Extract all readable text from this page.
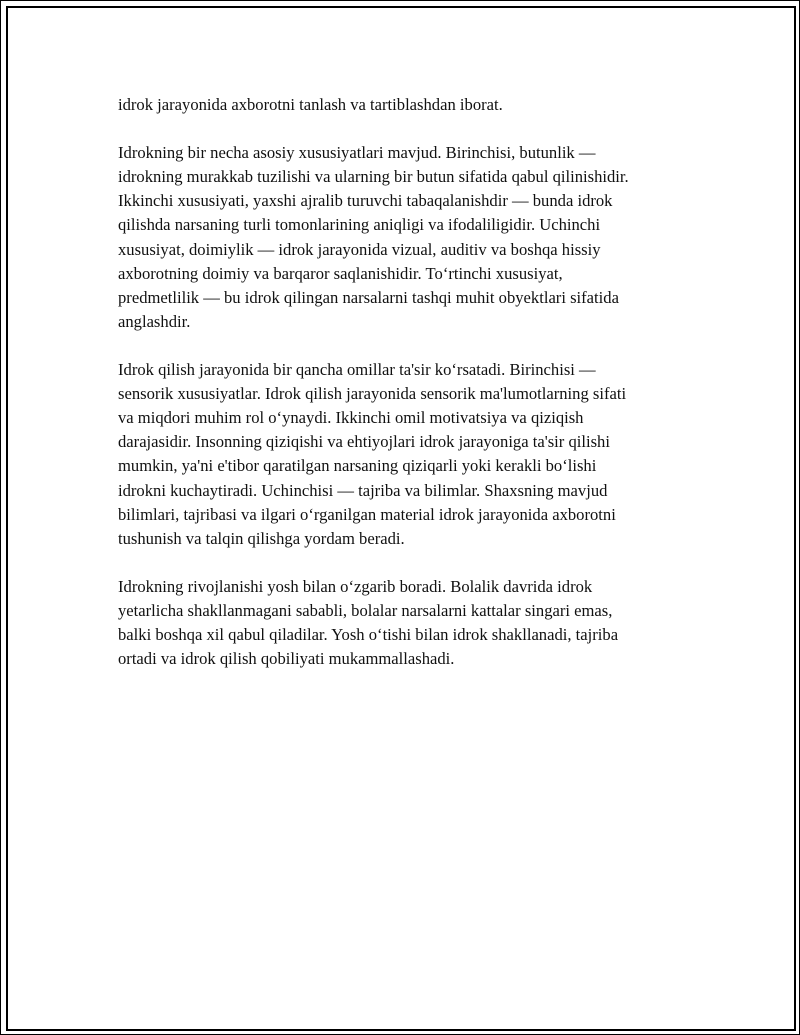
idrok jarayonida axborotni tanlash va tartiblashdan iborat.

Idrokning bir necha asosiy xususiyatlari mavjud. Birinchisi, butunlik —
idrokning murakkab tuzilishi va ularning bir butun sifatida qabul qilinishidir.
Ikkinchi xususiyati, yaxshi ajralib turuvchi tabaqalanishdir — bunda idrok
qilishda narsaning turli tomonlarining aniqligi va ifodaliligidir. Uchinchi
xususiyat, doimiylik — idrok jarayonida vizual, auditiv va boshqa hissiy
axborotning doimiy va barqaror saqlanishidir. To‘rtinchi xususiyat,
predmetlilik — bu idrok qilingan narsalarni tashqi muhit obyektlari sifatida
anglashdir.

Idrok qilish jarayonida bir qancha omillar ta'sir ko‘rsatadi. Birinchisi —
sensorik xususiyatlar. Idrok qilish jarayonida sensorik ma'lumotlarning sifati
va miqdori muhim rol o‘ynaydi. Ikkinchi omil motivatsiya va qiziqish
darajasidir. Insonning qiziqishi va ehtiyojlari idrok jarayoniga ta'sir qilishi
mumkin, ya'ni e'tibor qaratilgan narsaning qiziqarli yoki kerakli bo‘lishi
idrokni kuchaytiradi. Uchinchisi — tajriba va bilimlar. Shaxsning mavjud
bilimlari, tajribasi va ilgari o‘rganilgan material idrok jarayonida axborotni
tushunish va talqin qilishga yordam beradi.

Idrokning rivojlanishi yosh bilan o‘zgarib boradi. Bolalik davrida idrok
yetarlicha shakllanmagani sababli, bolalar narsalarni kattalar singari emas,
balki boshqa xil qabul qiladilar. Yosh o‘tishi bilan idrok shakllanadi, tajriba
ortadi va idrok qilish qobiliyati mukammallashadi.
